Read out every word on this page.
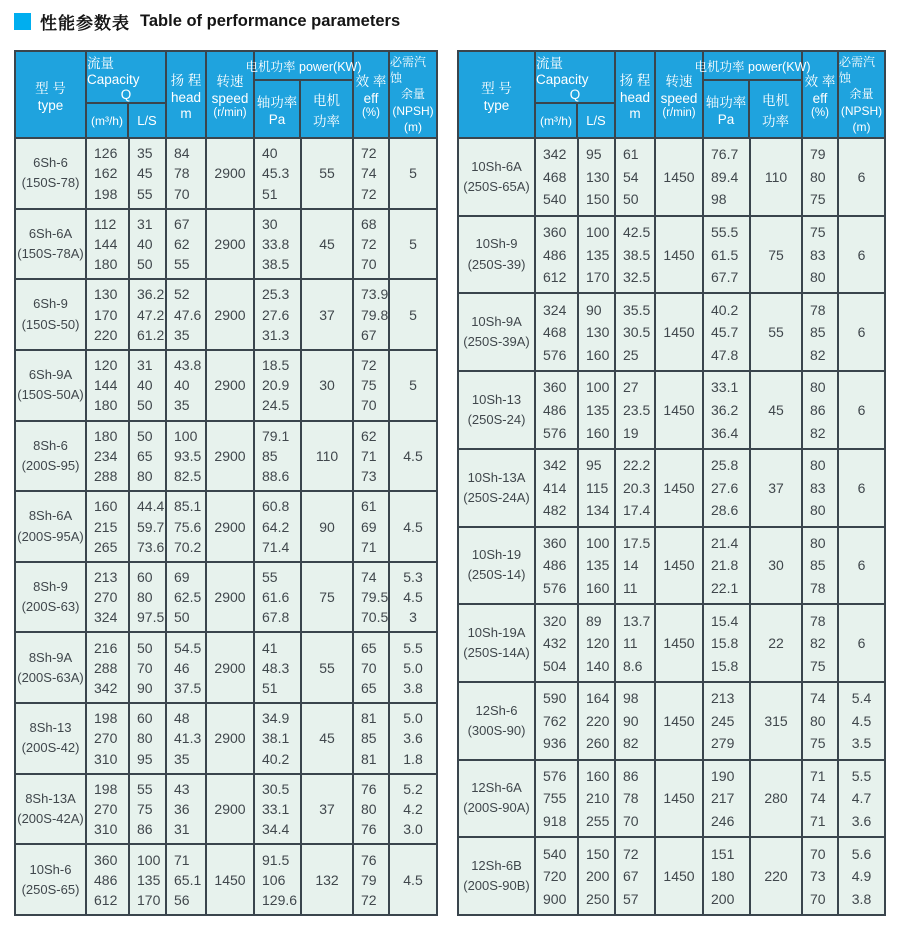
性能参数表 Table of performance parameters
型 号
type
流量Capacity
Q
(m³/h)	L/S
扬 程
head
m
转速
speed
(r/min)
电机功率 power(KW)
轴功率
Pa
电机
功率
效 率
eff
(%)
必需汽蚀
余量
(NPSH)
(m)
6Sh-6
(150S-78)
126
162
198
35
45
55
84
78
70
2900
40
45.3
51
55
72
74
72
5
6Sh-6A
(150S-78A)
112
144
180
31
40
50
67
62
55
2900
30
33.8
38.5
45
68
72
70
5
6Sh-9
(150S-50)
130
170
220
36.2
47.2
61.2
52
47.6
35
2900
25.3
27.6
31.3
37
73.9
79.8
67
5
6Sh-9A
(150S-50A)
120
144
180
31
40
50
43.8
40
35
2900
18.5
20.9
24.5
30
72
75
70
5
8Sh-6
(200S-95)
180
234
288
50
65
80
100
93.5
82.5
2900
79.1
85
88.6
110
62
71
73
4.5
8Sh-6A
(200S-95A)
160
215
265
44.4
59.7
73.6
85.1
75.6
70.2
2900
60.8
64.2
71.4
90
61
69
71
4.5
8Sh-9
(200S-63)
213
270
324
60
80
97.5
69
62.5
50
2900
55
61.6
67.8
75
74
79.5
70.5
5.3
4.5
3
8Sh-9A
(200S-63A)
216
288
342
50
70
90
54.5
46
37.5
2900
41
48.3
51
55
65
70
65
5.5
5.0
3.8
8Sh-13
(200S-42)
198
270
310
60
80
95
48
41.3
35
2900
34.9
38.1
40.2
45
81
85
81
5.0
3.6
1.8
8Sh-13A
(200S-42A)
198
270
310
55
75
86
43
36
31
2900
30.5
33.1
34.4
37
76
80
76
5.2
4.2
3.0
10Sh-6
(250S-65)
360
486
612
100
135
170
71
65.1
56
1450
91.5
106
129.6
132
76
79
72
4.5
型 号
type
流量Capacity
Q
(m³/h)	L/S
扬 程
head
m
转速
speed
(r/min)
电机功率 power(KW)
轴功率
Pa
电机
功率
效 率
eff
(%)
必需汽蚀
余量
(NPSH)
(m)
10Sh-6A
(250S-65A)
342
468
540
95
130
150
61
54
50
1450
76.7
89.4
98
110
79
80
75
6
10Sh-9
(250S-39)
360
486
612
100
135
170
42.5
38.5
32.5
1450
55.5
61.5
67.7
75
75
83
80
6
10Sh-9A
(250S-39A)
324
468
576
90
130
160
35.5
30.5
25
1450
40.2
45.7
47.8
55
78
85
82
6
10Sh-13
(250S-24)
360
486
576
100
135
160
27
23.5
19
1450
33.1
36.2
36.4
45
80
86
82
6
10Sh-13A
(250S-24A)
342
414
482
95
115
134
22.2
20.3
17.4
1450
25.8
27.6
28.6
37
80
83
80
6
10Sh-19
(250S-14)
360
486
576
100
135
160
17.5
14
11
1450
21.4
21.8
22.1
30
80
85
78
6
10Sh-19A
(250S-14A)
320
432
504
89
120
140
13.7
11
8.6
1450
15.4
15.8
15.8
22
78
82
75
6
12Sh-6
(300S-90)
590
762
936
164
220
260
98
90
82
1450
213
245
279
315
74
80
75
5.4
4.5
3.5
12Sh-6A
(200S-90A)
576
755
918
160
210
255
86
78
70
1450
190
217
246
280
71
74
71
5.5
4.7
3.6
12Sh-6B
(200S-90B)
540
720
900
150
200
250
72
67
57
1450
151
180
200
220
70
73
70
5.6
4.9
3.8
